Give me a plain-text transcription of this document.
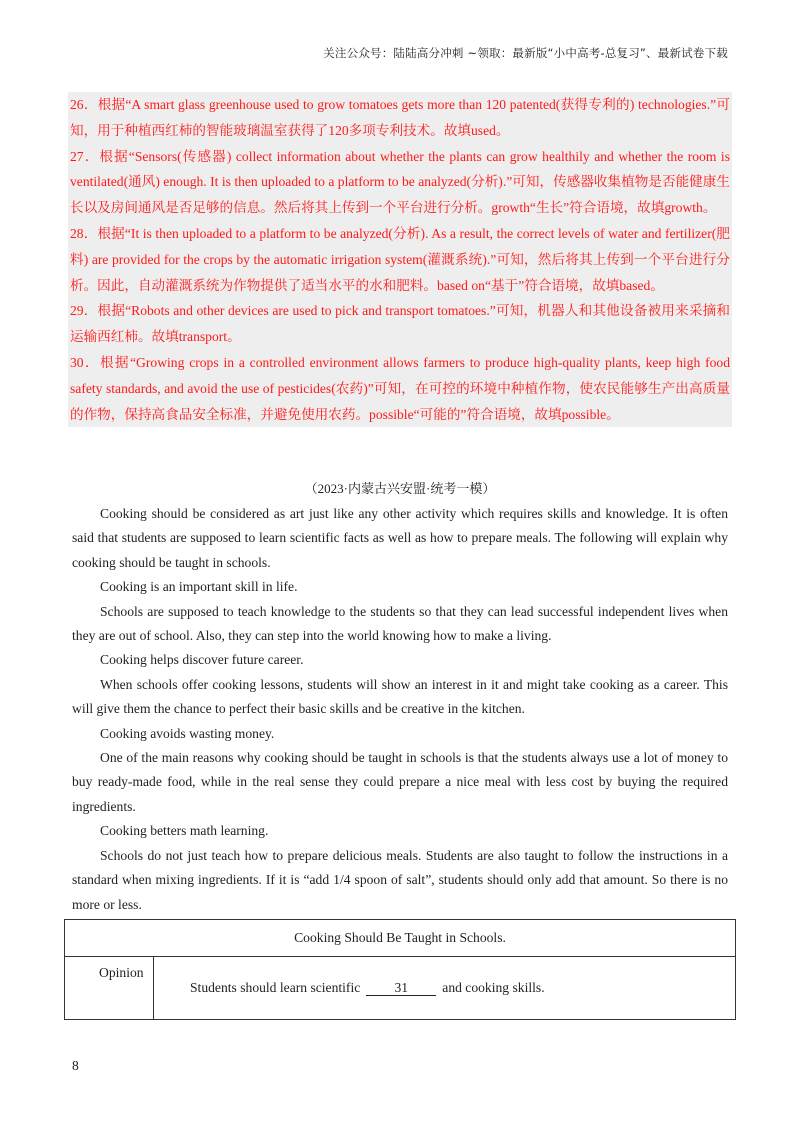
关注公众号：陆陆高分冲刺 ~领取：最新版“小中高考-总复习”、最新试卷下载

26．根据“A smart glass greenhouse used to grow tomatoes gets more than 120 patented(获得专利的) technologies.”可知，用于种植西红柿的智能玻璃温室获得了120多项专利技术。故填used。

27．根据“Sensors(传感器) collect information about whether the plants can grow healthily and whether the room is ventilated(通风) enough. It is then uploaded to a platform to be analyzed(分析).”可知，传感器收集植物是否能健康生长以及房间通风是否足够的信息。然后将其上传到一个平台进行分析。growth“生长”符合语境，故填growth。

28．根据“It is then uploaded to a platform to be analyzed(分析). As a result, the correct levels of water and fertilizer(肥料) are provided for the crops by the automatic irrigation system(灌溉系统).”可知，然后将其上传到一个平台进行分析。因此，自动灌溉系统为作物提供了适当水平的水和肥料。based on“基于”符合语境，故填based。

29．根据“Robots and other devices are used to pick and transport tomatoes.”可知，机器人和其他设备被用来采摘和运输西红柿。故填transport。

30．根据“Growing crops in a controlled environment allows farmers to produce high-quality plants, keep high food safety standards, and avoid the use of pesticides(农药)”可知，在可控的环境中种植作物，使农民能够生产出高质量的作物，保持高食品安全标准，并避免使用农药。possible“可能的”符合语境，故填possible。

（2023·内蒙古兴安盟·统考一模）

Cooking should be considered as art just like any other activity which requires skills and knowledge. It is often said that students are supposed to learn scientific facts as well as how to prepare meals. The following will explain why cooking should be taught in schools.

Cooking is an important skill in life.

Schools are supposed to teach knowledge to the students so that they can lead successful independent lives when they are out of school. Also, they can step into the world knowing how to make a living.

Cooking helps discover future career.

When schools offer cooking lessons, students will show an interest in it and might take cooking as a career. This will give them the chance to perfect their basic skills and be creative in the kitchen.

Cooking avoids wasting money.

One of the main reasons why cooking should be taught in schools is that the students always use a lot of money to buy ready-made food, while in the real sense they could prepare a nice meal with less cost by buying the required ingredients.

Cooking betters math learning.

Schools do not just teach how to prepare delicious meals. Students are also taught to follow the instructions in a standard when mixing ingredients. If it is “add 1/4 spoon of salt”, students should only add that amount. So there is no more or less.

Cooking Should Be Taught in Schools.
Opinion	Students should learn scientific	31	and cooking skills.
8
